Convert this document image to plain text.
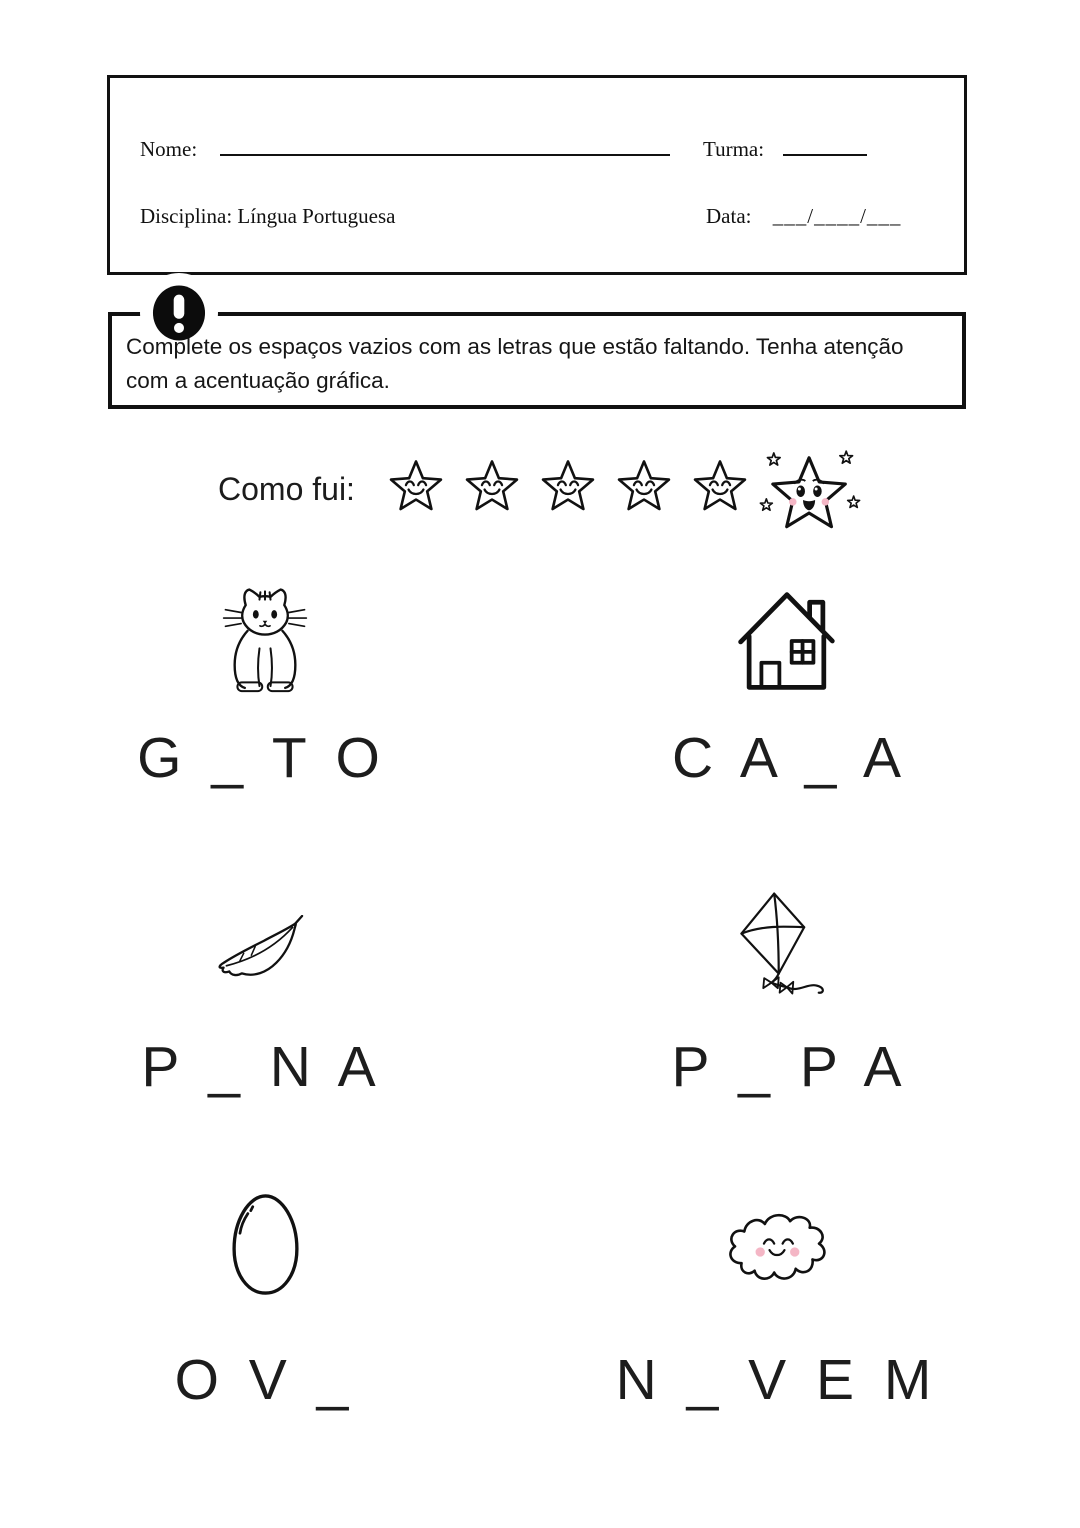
Nome:	Turma:
Disciplina: Língua Portuguesa	Data: ___/____/___
Complete os espaços vazios com as letras que estão faltando. Tenha atenção com a acentuação gráfica.
Como fui:
G _ T O	C A _ A
P _ N A	P _ P A
O V _	N _ V E M
